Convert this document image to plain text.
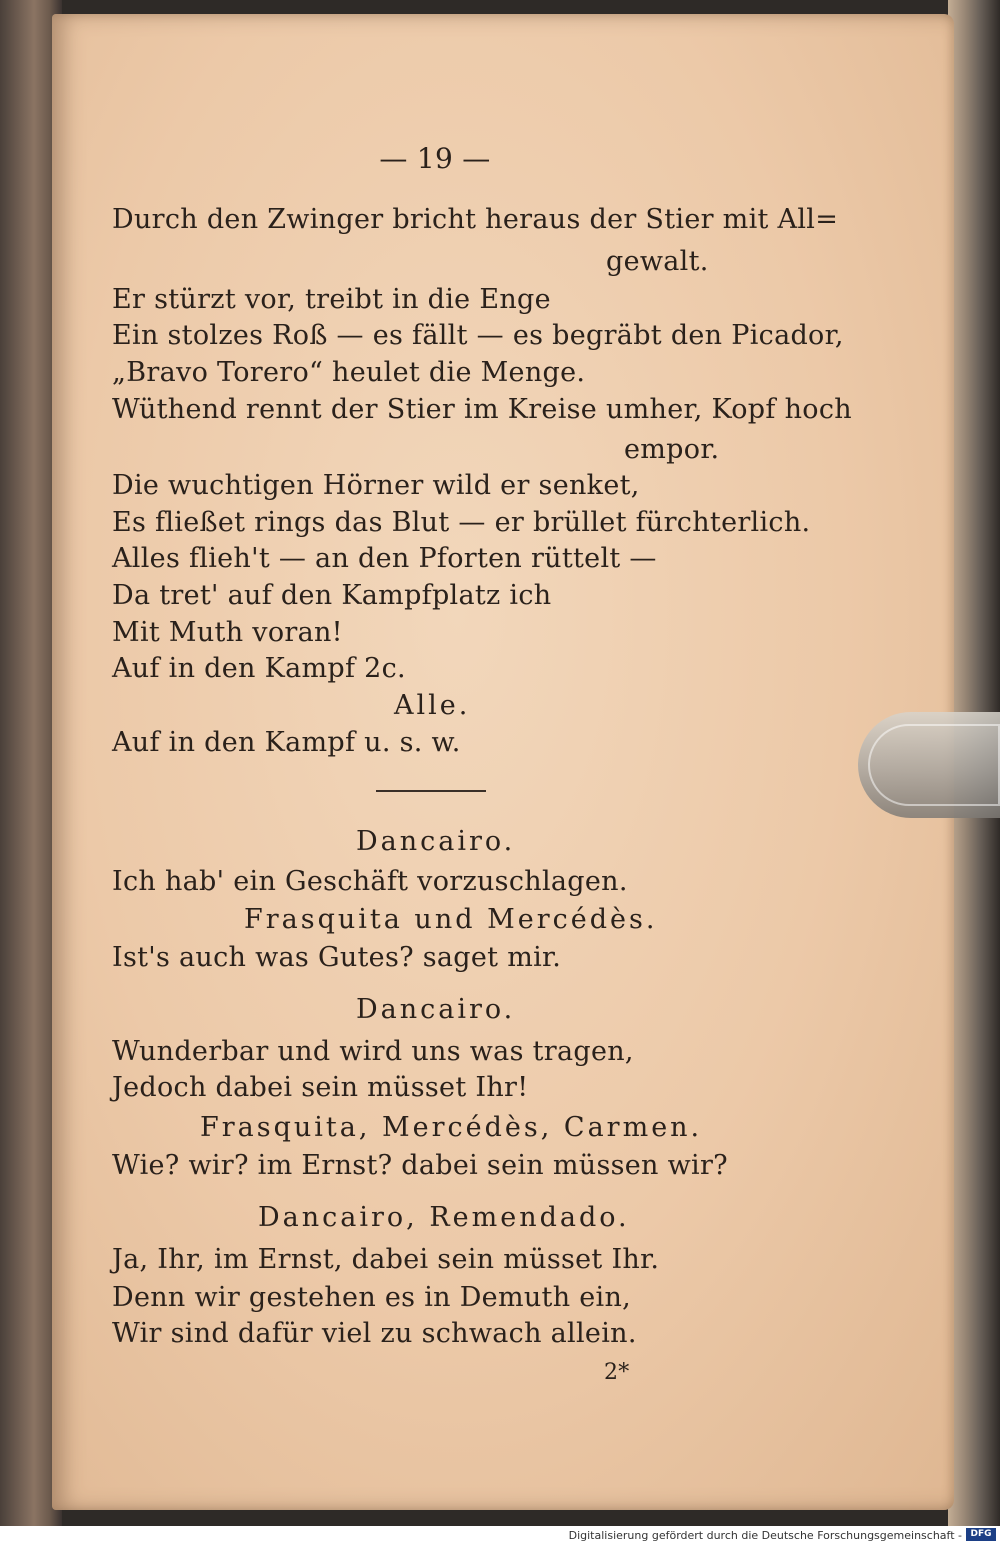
— 19 —
Durch den Zwinger bricht heraus der Stier mit All=
gewalt.
Er stürzt vor, treibt in die Enge
Ein stolzes Roß — es fällt — es begräbt den Picador,
„Bravo Torero“ heulet die Menge.
Wüthend rennt der Stier im Kreise umher, Kopf hoch
empor.
Die wuchtigen Hörner wild er senket,
Es fließet rings das Blut — er brüllet fürchterlich.
Alles flieh't — an den Pforten rüttelt —
Da tret' auf den Kampfplatz ich
Mit Muth voran!
Auf in den Kampf 2c.
Alle.
Auf in den Kampf u. s. w.
Dancairo.
Ich hab' ein Geschäft vorzuschlagen.
Frasquita und Mercédès.
Ist's auch was Gutes? saget mir.
Dancairo.
Wunderbar und wird uns was tragen,
Jedoch dabei sein müsset Ihr!
Frasquita, Mercédès, Carmen.
Wie? wir? im Ernst? dabei sein müssen wir?
Dancairo, Remendado.
Ja, Ihr, im Ernst, dabei sein müsset Ihr.
Denn wir gestehen es in Demuth ein,
Wir sind dafür viel zu schwach allein.
2*
Digitalisierung gefördert durch die Deutsche Forschungsgemeinschaft - DFG
